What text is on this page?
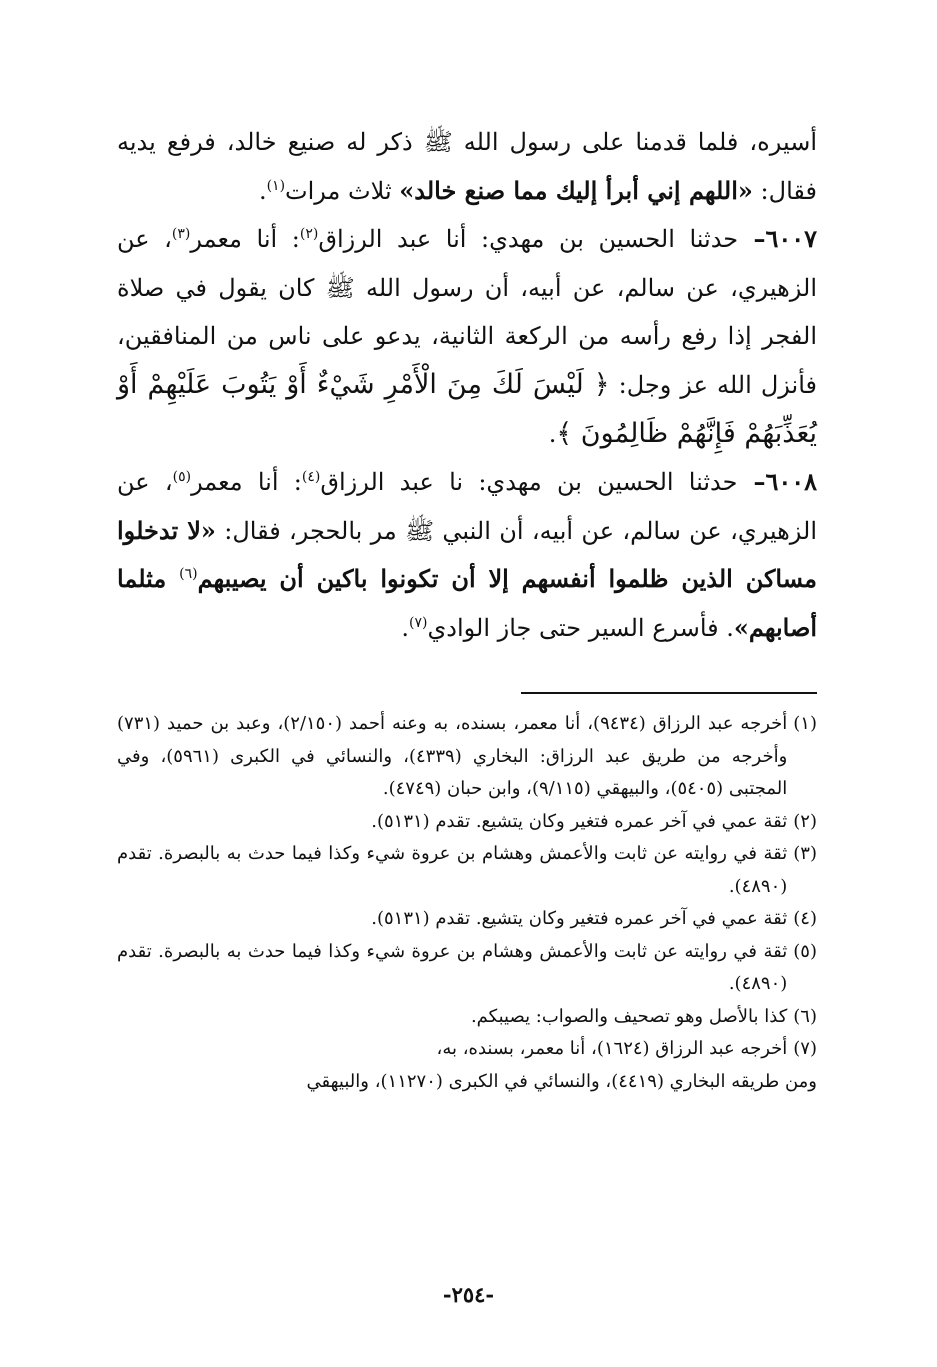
أسيره، فلما قدمنا على رسول الله ﷺ ذكر له صنيع خالد، فرفع يديه فقال: «اللهم إني أبرأ إليك مما صنع خالد» ثلاث مرات$^{(١)}$.

٦٠٠٧– حدثنا الحسين بن مهدي: أنا عبد الرزاق$^{(٢)}$: أنا معمر$^{(٣)}$، عن الزهيري، عن سالم، عن أبيه، أن رسول الله ﷺ كان يقول في صلاة الفجر إذا رفع رأسه من الركعة الثانية، يدعو على ناس من المنافقين، فأنزل الله عز وجل: ﴿ لَيْسَ لَكَ مِنَ الْأَمْرِ شَيْءٌ أَوْ يَتُوبَ عَلَيْهِمْ أَوْ يُعَذِّبَهُمْ فَإِنَّهُمْ ظَالِمُونَ ﴾.

٦٠٠٨– حدثنا الحسين بن مهدي: نا عبد الرزاق$^{(٤)}$: أنا معمر$^{(٥)}$، عن الزهيري، عن سالم، عن أبيه، أن النبي ﷺ مر بالحجر، فقال: «لا تدخلوا مساكن الذين ظلموا أنفسهم إلا أن تكونوا باكين أن يصيبهم$^{(٦)}$ مثلما أصابهم». فأسرع السير حتى جاز الوادي$^{(٧)}$.

(١)
أخرجه عبد الرزاق (٩٤٣٤)، أنا معمر، بسنده، به وعنه أحمد (٢/١٥٠)، وعبد بن حميد (٧٣١) وأخرجه من طريق عبد الرزاق: البخاري (٤٣٣٩)، والنسائي في الكبرى (٥٩٦١)، وفي المجتبى (٥٤٠٥)، والبيهقي (٩/١١٥)، وابن حبان (٤٧٤٩).
(٢)
ثقة عمي في آخر عمره فتغير وكان يتشيع. تقدم (٥١٣١).
(٣)
ثقة في روايته عن ثابت والأعمش وهشام بن عروة شيء وكذا فيما حدث به بالبصرة. تقدم (٤٨٩٠).
(٤)
ثقة عمي في آخر عمره فتغير وكان يتشيع. تقدم (٥١٣١).
(٥)
ثقة في روايته عن ثابت والأعمش وهشام بن عروة شيء وكذا فيما حدث به بالبصرة. تقدم (٤٨٩٠).
(٦)
كذا بالأصل وهو تصحيف والصواب: يصيبكم.
(٧)
أخرجه عبد الرزاق (١٦٢٤)، أنا معمر، بسنده، به،

ومن طريقه البخاري (٤٤١٩)، والنسائي في الكبرى (١١٢٧٠)، والبيهقي

-٢٥٤-
